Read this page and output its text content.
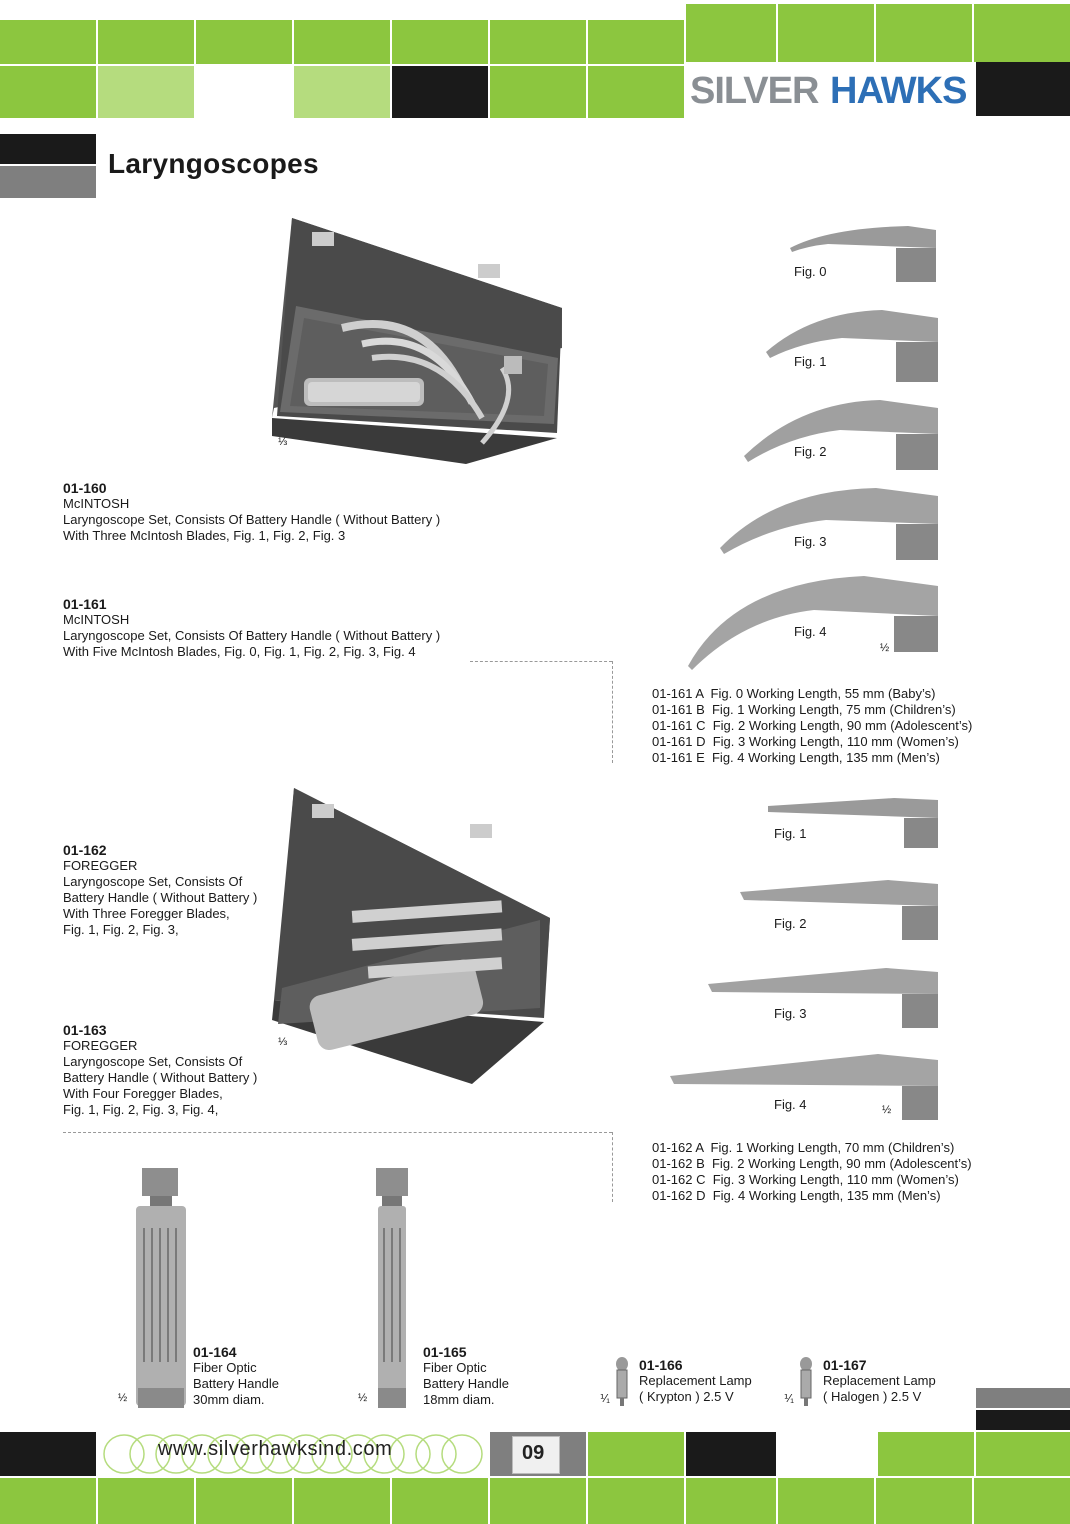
SILVER HAWKS
Laryngoscopes
⅓
01-160
McINTOSH
Laryngoscope Set, Consists Of Battery Handle ( Without Battery )
With Three McIntosh Blades, Fig. 1, Fig. 2, Fig. 3
01-161
McINTOSH
Laryngoscope Set, Consists Of Battery Handle ( Without Battery )
With Five McIntosh Blades, Fig. 0, Fig. 1, Fig. 2, Fig. 3, Fig. 4
Fig. 0
Fig. 1
Fig. 2
Fig. 3
Fig. 4
½
01-161 A  Fig. 0 Working Length, 55 mm (Baby’s)
01-161 B  Fig. 1 Working Length, 75 mm (Children’s)
01-161 C  Fig. 2 Working Length, 90 mm (Adolescent’s)
01-161 D  Fig. 3 Working Length, 110 mm (Women’s)
01-161 E  Fig. 4 Working Length, 135 mm (Men’s)
⅓
01-162
FOREGGER
Laryngoscope Set, Consists Of
Battery Handle ( Without Battery )
With Three Foregger Blades,
Fig. 1, Fig. 2, Fig. 3,
01-163
FOREGGER
Laryngoscope Set, Consists Of
Battery Handle ( Without Battery )
With Four Foregger Blades,
Fig. 1, Fig. 2, Fig. 3, Fig. 4,
Fig. 1
Fig. 2
Fig. 3
Fig. 4	½
01-162 A  Fig. 1 Working Length, 70 mm (Children’s)
01-162 B  Fig. 2 Working Length, 90 mm (Adolescent’s)
01-162 C  Fig. 3 Working Length, 110 mm (Women’s)
01-162 D  Fig. 4 Working Length, 135 mm (Men’s)
½
01-164
Fiber Optic
Battery Handle
30mm diam.	½
01-165
Fiber Optic
Battery Handle
18mm diam.	⅟₁
01-166
Replacement Lamp
( Krypton ) 2.5 V	⅟₁
01-167
Replacement Lamp
( Halogen ) 2.5 V
www.silverhawksind.com	09
